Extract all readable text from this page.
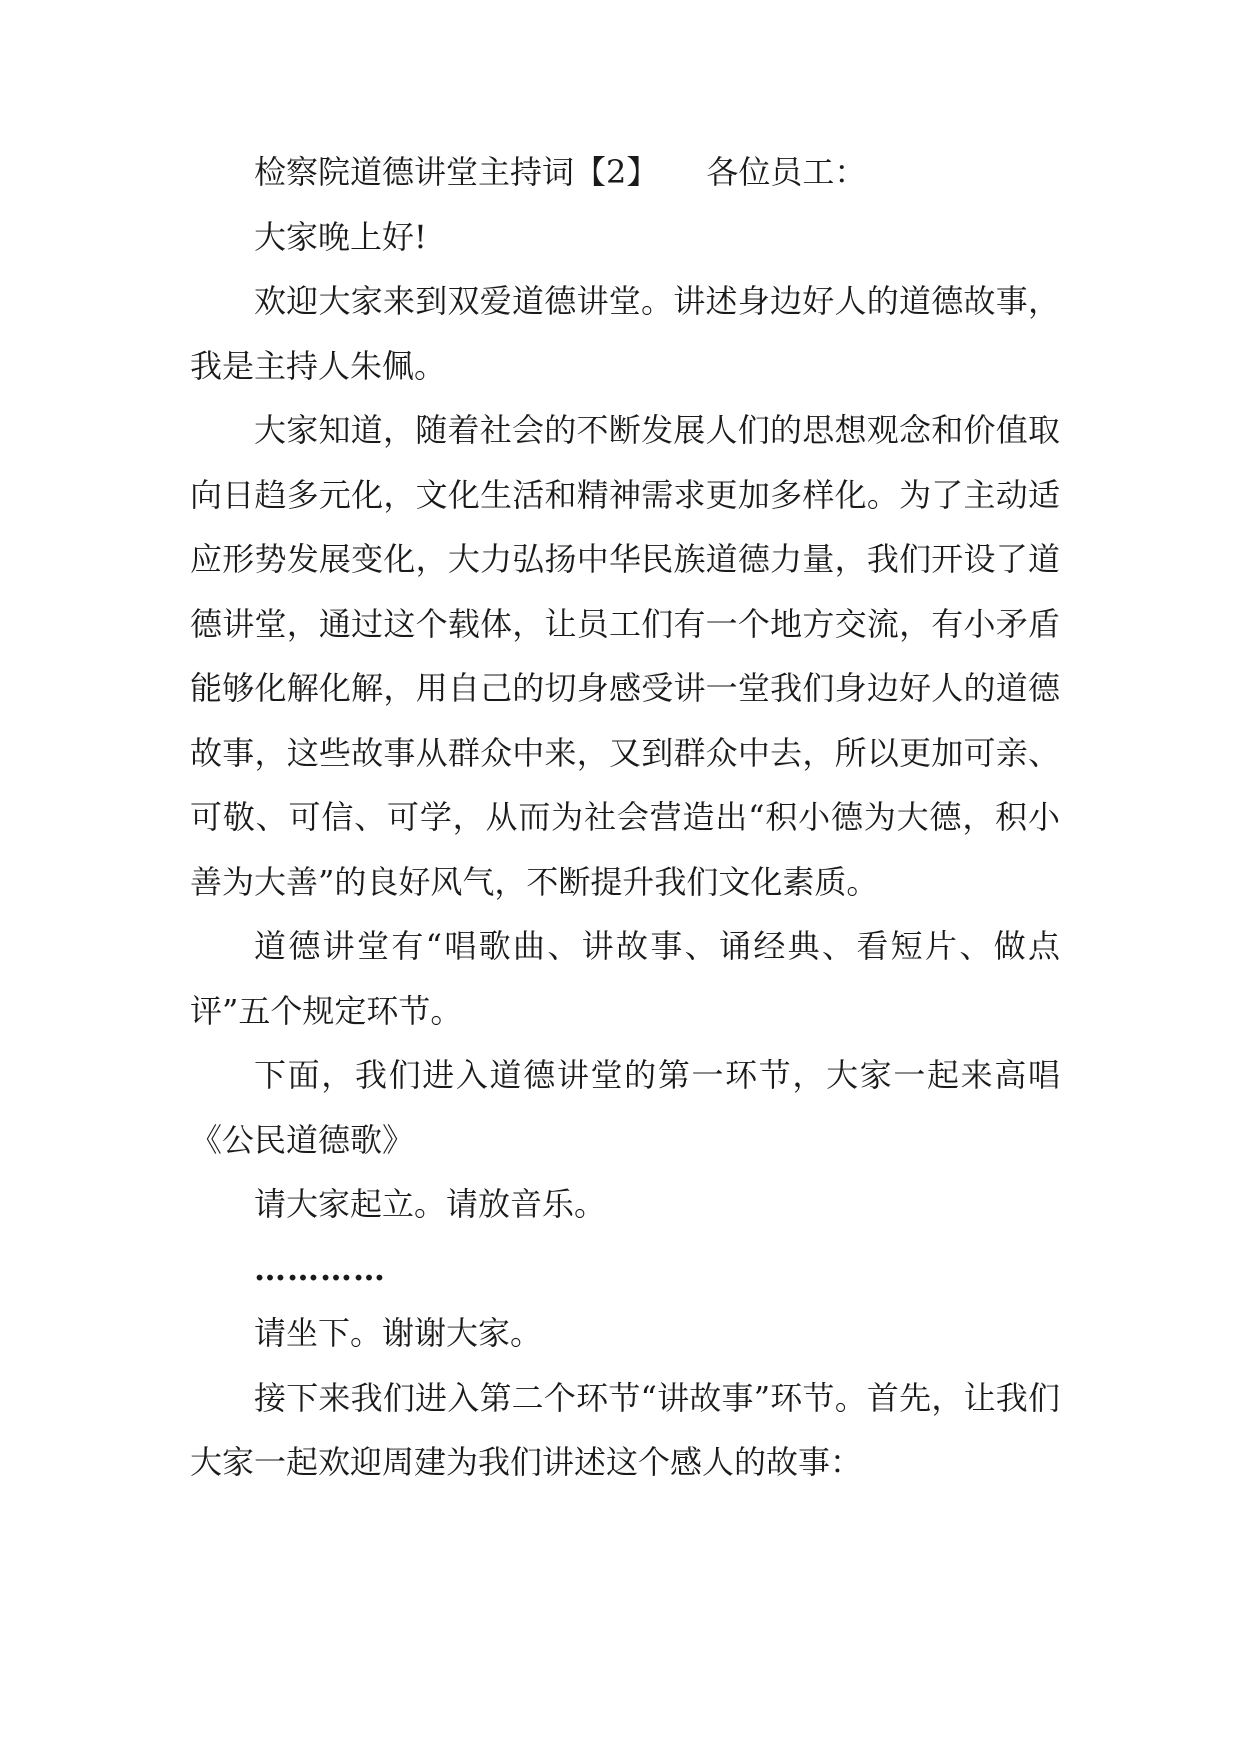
检察院道德讲堂主持词【2】　　各位员工：

大家晚上好!

欢迎大家来到双爱道德讲堂。讲述身边好人的道德故事，我是主持人朱佩。

大家知道，随着社会的不断发展人们的思想观念和价值取向日趋多元化，文化生活和精神需求更加多样化。为了主动适应形势发展变化，大力弘扬中华民族道德力量，我们开设了道德讲堂，通过这个载体，让员工们有一个地方交流，有小矛盾能够化解化解，用自己的切身感受讲一堂我们身边好人的道德故事，这些故事从群众中来，又到群众中去，所以更加可亲、可敬、可信、可学，从而为社会营造出“积小德为大德，积小善为大善”的良好风气，不断提升我们文化素质。

道德讲堂有“唱歌曲、讲故事、诵经典、看短片、做点评”五个规定环节。

下面，我们进入道德讲堂的第一环节，大家一起来高唱《公民道德歌》

请大家起立。请放音乐。

…………

请坐下。谢谢大家。

接下来我们进入第二个环节“讲故事”环节。首先，让我们大家一起欢迎周建为我们讲述这个感人的故事：
